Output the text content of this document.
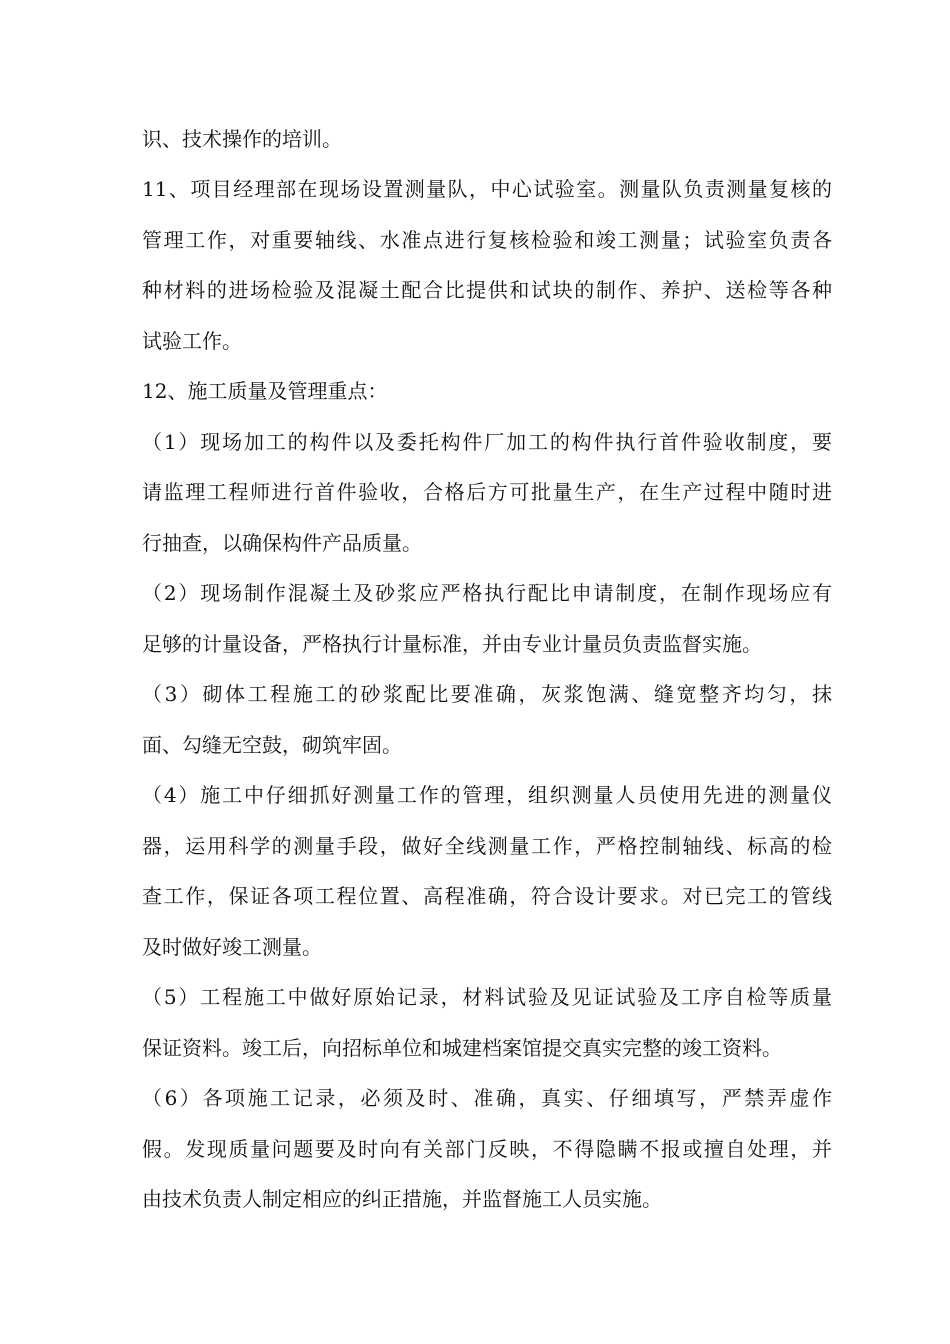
识、技术操作的培训。
11、项目经理部在现场设置测量队，中心试验室。测量队负责测量复核的
管理工作，对重要轴线、水准点进行复核检验和竣工测量；试验室负责各
种材料的进场检验及混凝土配合比提供和试块的制作、养护、送检等各种
试验工作。
12、施工质量及管理重点：
（1）现场加工的构件以及委托构件厂加工的构件执行首件验收制度，要
请监理工程师进行首件验收，合格后方可批量生产，在生产过程中随时进
行抽查，以确保构件产品质量。
（2）现场制作混凝土及砂浆应严格执行配比申请制度，在制作现场应有
足够的计量设备，严格执行计量标准，并由专业计量员负责监督实施。
（3）砌体工程施工的砂浆配比要准确，灰浆饱满、缝宽整齐均匀，抹
面、勾缝无空鼓，砌筑牢固。
（4）施工中仔细抓好测量工作的管理，组织测量人员使用先进的测量仪
器，运用科学的测量手段，做好全线测量工作，严格控制轴线、标高的检
查工作，保证各项工程位置、高程准确，符合设计要求。对已完工的管线
及时做好竣工测量。
（5）工程施工中做好原始记录，材料试验及见证试验及工序自检等质量
保证资料。竣工后，向招标单位和城建档案馆提交真实完整的竣工资料。
（6）各项施工记录，必须及时、准确，真实、仔细填写，严禁弄虚作
假。发现质量问题要及时向有关部门反映，不得隐瞒不报或擅自处理，并
由技术负责人制定相应的纠正措施，并监督施工人员实施。
